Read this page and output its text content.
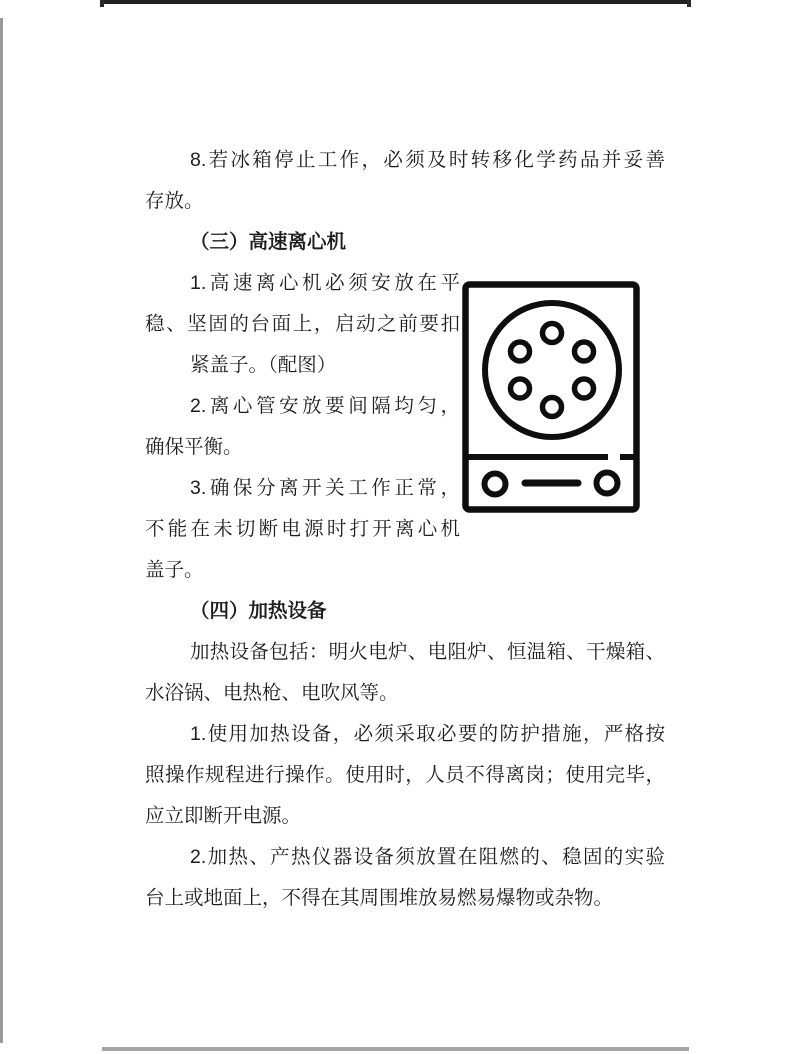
8.若冰箱停止工作，必须及时转移化学药品并妥善
存放。
（三）高速离心机
1.高速离心机必须安放在平
稳、坚固的台面上，启动之前要扣
紧盖子。（配图）
2.离心管安放要间隔均匀，
确保平衡。
3.确保分离开关工作正常，
不能在未切断电源时打开离心机
盖子。
（四）加热设备
加热设备包括：明火电炉、电阻炉、恒温箱、干燥箱、
水浴锅、电热枪、电吹风等。
1.使用加热设备，必须采取必要的防护措施，严格按
照操作规程进行操作。使用时，人员不得离岗；使用完毕，
应立即断开电源。
2.加热、产热仪器设备须放置在阻燃的、稳固的实验
台上或地面上，不得在其周围堆放易燃易爆物或杂物。
